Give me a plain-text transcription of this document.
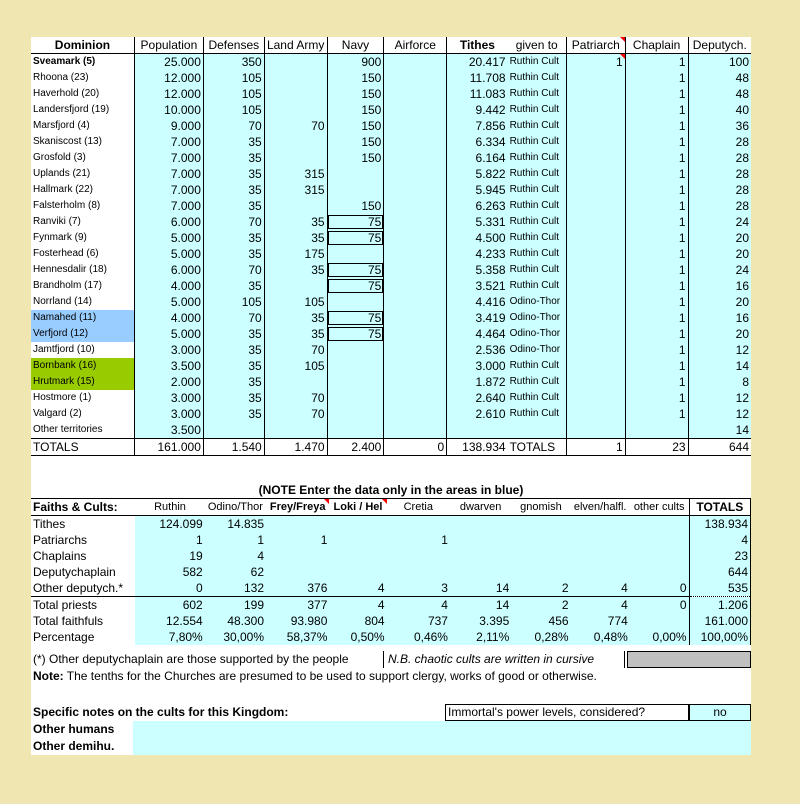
Dominion	Population	Defenses	Land Army	Navy	Airforce	Tithes	given to	Patriarch	Chaplain	Deputych.
Sveamark (5)	25.000	350		900		20.417	Ruthin Cult	1	1	100
Rhoona (23)	12.000	105		150		11.708	Ruthin Cult		1	48
Haverhold (20)	12.000	105		150		11.083	Ruthin Cult		1	48
Landersfjord (19)	10.000	105		150		9.442	Ruthin Cult		1	40
Marsfjord (4)	9.000	70	70	150		7.856	Ruthin Cult		1	36
Skaniscost (13)	7.000	35		150		6.334	Ruthin Cult		1	28
Grosfold (3)	7.000	35		150		6.164	Ruthin Cult		1	28
Uplands (21)	7.000	35	315			5.822	Ruthin Cult		1	28
Hallmark (22)	7.000	35	315			5.945	Ruthin Cult		1	28
Falsterholm (8)	7.000	35		150		6.263	Ruthin Cult		1	28
Ranviki (7)	6.000	70	35	75		5.331	Ruthin Cult		1	24
Fynmark (9)	5.000	35	35	75		4.500	Ruthin Cult		1	20
Fosterhead (6)	5.000	35	175			4.233	Ruthin Cult		1	20
Hennesdalir (18)	6.000	70	35	75		5.358	Ruthin Cult		1	24
Brandholm (17)	4.000	35		75		3.521	Ruthin Cult		1	16
Norrland (14)	5.000	105	105			4.416	Odino-Thor		1	20
Namahed (11)	4.000	70	35	75		3.419	Odino-Thor		1	16
Verfjord (12)	5.000	35	35	75		4.464	Odino-Thor		1	20
Jamtfjord (10)	3.000	35	70			2.536	Odino-Thor		1	12
Bornbank (16)	3.500	35	105			3.000	Ruthin Cult		1	14
Hrutmark (15)	2.000	35				1.872	Ruthin Cult		1	8
Hostmore (1)	3.000	35	70			2.640	Ruthin Cult		1	12
Valgard (2)	3.000	35	70			2.610	Ruthin Cult		1	12
Other territories	3.500									14
TOTALS	161.000	1.540	1.470	2.400	0	138.934	TOTALS	1	23	644
(NOTE Enter the data only in the areas in blue)
Faiths & Cults:	Ruthin	Odino/Thor	Frey/Freya	Loki / Hel	Cretia	dwarven	gnomish	elven/halfl.	other cults	TOTALS
Tithes	124.099	14.835								138.934
Patriarchs	1	1	1		1					4
Chaplains	19	4								23
Deputychaplain	582	62								644
Other deputych.*	0	132	376	4	3	14	2	4	0	535
Total priests	602	199	377	4	4	14	2	4	0	1.206
Total faithfuls	12.554	48.300	93.980	804	737	3.395	456	774		161.000
Percentage	7,80%	30,00%	58,37%	0,50%	0,46%	2,11%	0,28%	0,48%	0,00%	100,00%
(*) Other deputychaplain are those supported by the people	N.B. chaotic cults are written in cursive
Note: The tenths for the Churches are presumed to be used to support clergy, works of good or otherwise.
Specific notes on the cults for this Kingdom:	Immortal's power levels, considered?	no
Other humans
Other demihu.
